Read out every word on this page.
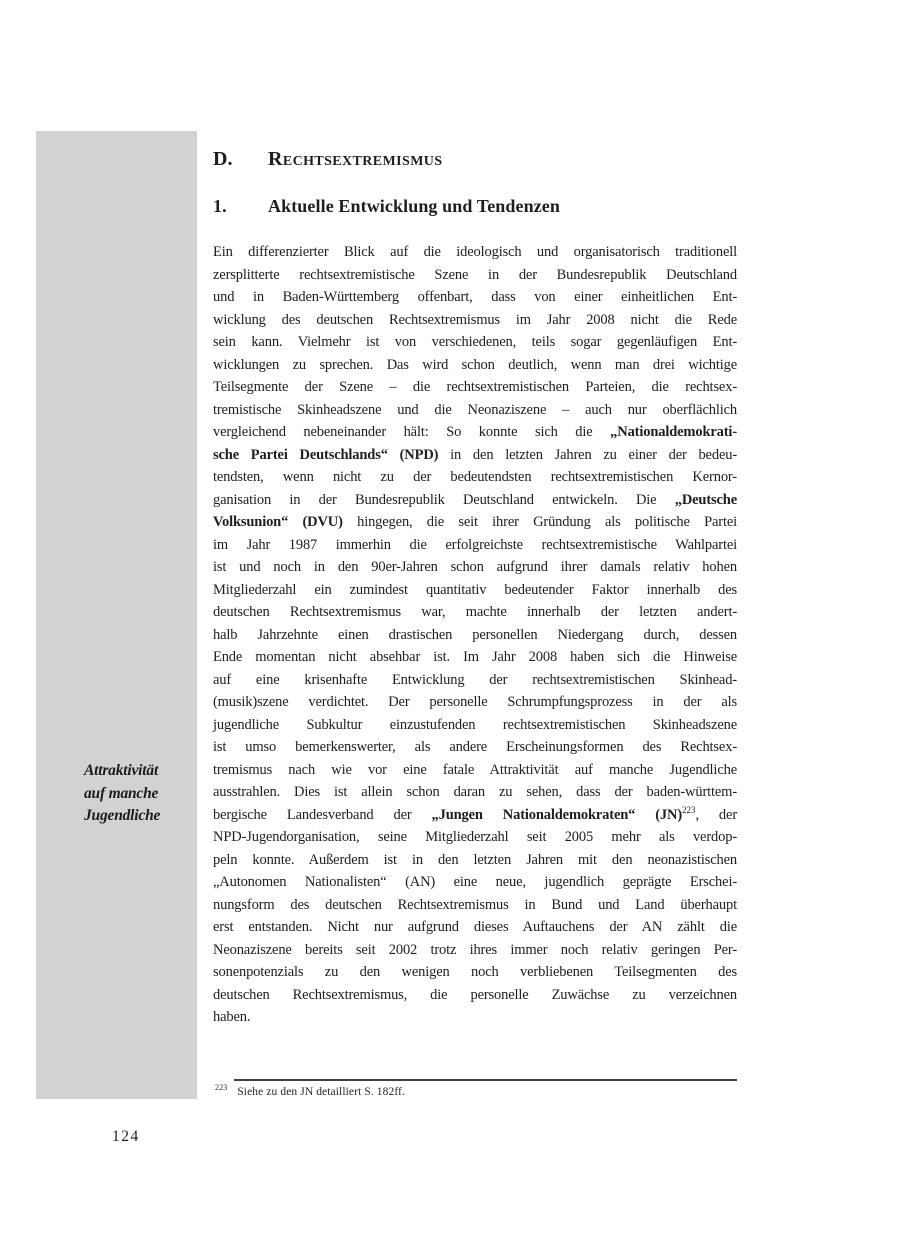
Attraktivität
auf manche
Jugendliche
D.	Rechtsextremismus
1.	Aktuelle Entwicklung und Tendenzen
Ein differenzierter Blick auf die ideologisch und organisatorisch traditionell
zersplitterte rechtsextremistische Szene in der Bundesrepublik Deutschland
und in Baden-Württemberg offenbart, dass von einer einheitlichen Ent-
wicklung des deutschen Rechtsextremismus im Jahr 2008 nicht die Rede
sein kann. Vielmehr ist von verschiedenen, teils sogar gegenläufigen Ent-
wicklungen zu sprechen. Das wird schon deutlich, wenn man drei wichtige
Teilsegmente der Szene – die rechtsextremistischen Parteien, die rechtsex-
tremistische Skinheadszene und die Neonaziszene – auch nur oberflächlich
vergleichend nebeneinander hält: So konnte sich die „Nationaldemokrati-
sche Partei Deutschlands“ (NPD) in den letzten Jahren zu einer der bedeu-
tendsten, wenn nicht zu der bedeutendsten rechtsextremistischen Kernor-
ganisation in der Bundesrepublik Deutschland entwickeln. Die „Deutsche
Volksunion“ (DVU) hingegen, die seit ihrer Gründung als politische Partei
im Jahr 1987 immerhin die erfolgreichste rechtsextremistische Wahlpartei
ist und noch in den 90er-Jahren schon aufgrund ihrer damals relativ hohen
Mitgliederzahl ein zumindest quantitativ bedeutender Faktor innerhalb des
deutschen Rechtsextremismus war, machte innerhalb der letzten andert-
halb Jahrzehnte einen drastischen personellen Niedergang durch, dessen
Ende momentan nicht absehbar ist. Im Jahr 2008 haben sich die Hinweise
auf eine krisenhafte Entwicklung der rechtsextremistischen Skinhead-
(musik)szene verdichtet. Der personelle Schrumpfungsprozess in der als
jugendliche Subkultur einzustufenden rechtsextremistischen Skinheadszene
ist umso bemerkenswerter, als andere Erscheinungsformen des Rechtsex-
tremismus nach wie vor eine fatale Attraktivität auf manche Jugendliche
ausstrahlen. Dies ist allein schon daran zu sehen, dass der baden-württem-
bergische Landesverband der „Jungen Nationaldemokraten“ (JN)$^{223}$, der
NPD-Jugendorganisation, seine Mitgliederzahl seit 2005 mehr als verdop-
peln konnte. Außerdem ist in den letzten Jahren mit den neonazistischen
„Autonomen Nationalisten“ (AN) eine neue, jugendlich geprägte Erschei-
nungsform des deutschen Rechtsextremismus in Bund und Land überhaupt
erst entstanden. Nicht nur aufgrund dieses Auftauchens der AN zählt die
Neonaziszene bereits seit 2002 trotz ihres immer noch relativ geringen Per-
sonenpotenzials zu den wenigen noch verbliebenen Teilsegmenten des
deutschen Rechtsextremismus, die personelle Zuwächse zu verzeichnen
haben.
$^{223}$ Siehe zu den JN detailliert S. 182ff.
124
